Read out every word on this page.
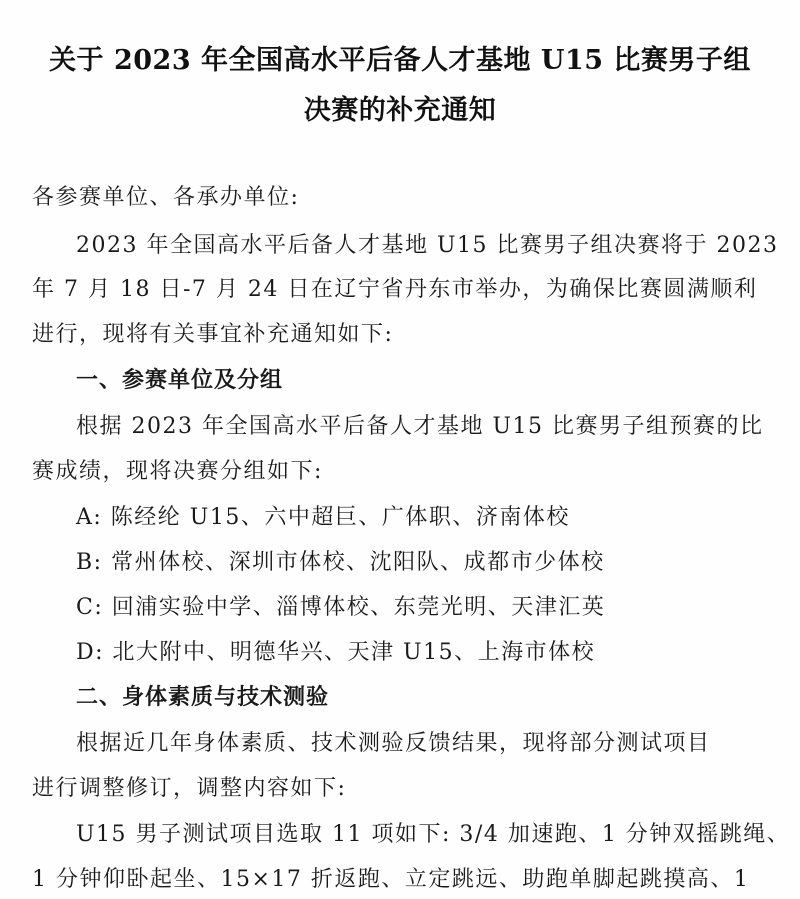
关于 2023 年全国高水平后备人才基地 U15 比赛男子组
决赛的补充通知
各参赛单位、各承办单位:
2023 年全国高水平后备人才基地 U15 比赛男子组决赛将于 2023
年 7 月 18 日-7 月 24 日在辽宁省丹东市举办，为确保比赛圆满顺利
进行，现将有关事宜补充通知如下:
一、参赛单位及分组
根据 2023 年全国高水平后备人才基地 U15 比赛男子组预赛的比
赛成绩，现将决赛分组如下:
A: 陈经纶 U15、六中超巨、广体职、济南体校
B: 常州体校、深圳市体校、沈阳队、成都市少体校
C: 回浦实验中学、淄博体校、东莞光明、天津汇英
D: 北大附中、明德华兴、天津 U15、上海市体校
二、身体素质与技术测验
根据近几年身体素质、技术测验反馈结果，现将部分测试项目
进行调整修订，调整内容如下:
U15 男子测试项目选取 11 项如下: 3/4 加速跑、1 分钟双摇跳绳、
1 分钟仰卧起坐、15×17 折返跑、立定跳远、助跑单脚起跳摸高、1
